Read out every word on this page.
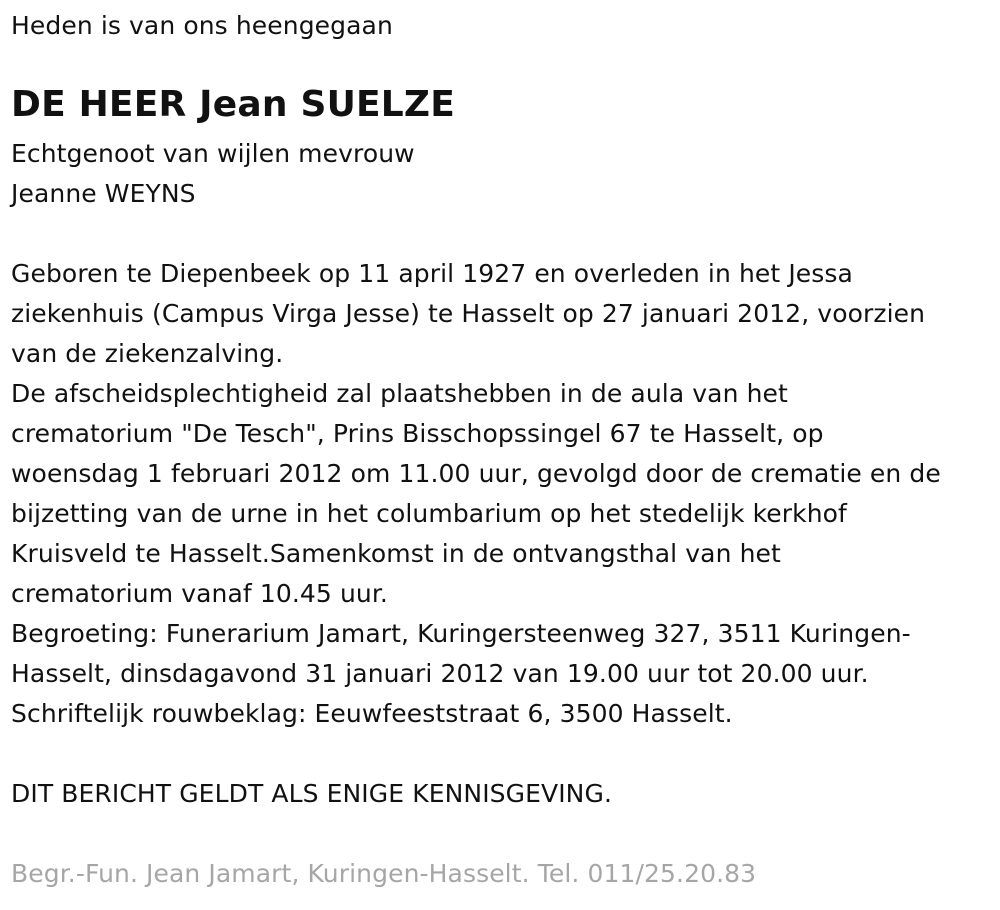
Heden is van ons heengegaan
DE HEER Jean SUELZE
Echtgenoot van wijlen mevrouw
Jeanne WEYNS
Geboren te Diepenbeek op 11 april 1927 en overleden in het Jessa
ziekenhuis (Campus Virga Jesse) te Hasselt op 27 januari 2012, voorzien
van de ziekenzalving.
De afscheidsplechtigheid zal plaatshebben in de aula van het
crematorium "De Tesch", Prins Bisschopssingel 67 te Hasselt, op
woensdag 1 februari 2012 om 11.00 uur, gevolgd door de crematie en de
bijzetting van de urne in het columbarium op het stedelijk kerkhof
Kruisveld te Hasselt.Samenkomst in de ontvangsthal van het
crematorium vanaf 10.45 uur.
Begroeting: Funerarium Jamart, Kuringersteenweg 327, 3511 Kuringen-
Hasselt, dinsdagavond 31 januari 2012 van 19.00 uur tot 20.00 uur.
Schriftelijk rouwbeklag: Eeuwfeeststraat 6, 3500 Hasselt.
DIT BERICHT GELDT ALS ENIGE KENNISGEVING.
Begr.-Fun. Jean Jamart, Kuringen-Hasselt. Tel. 011/25.20.83
